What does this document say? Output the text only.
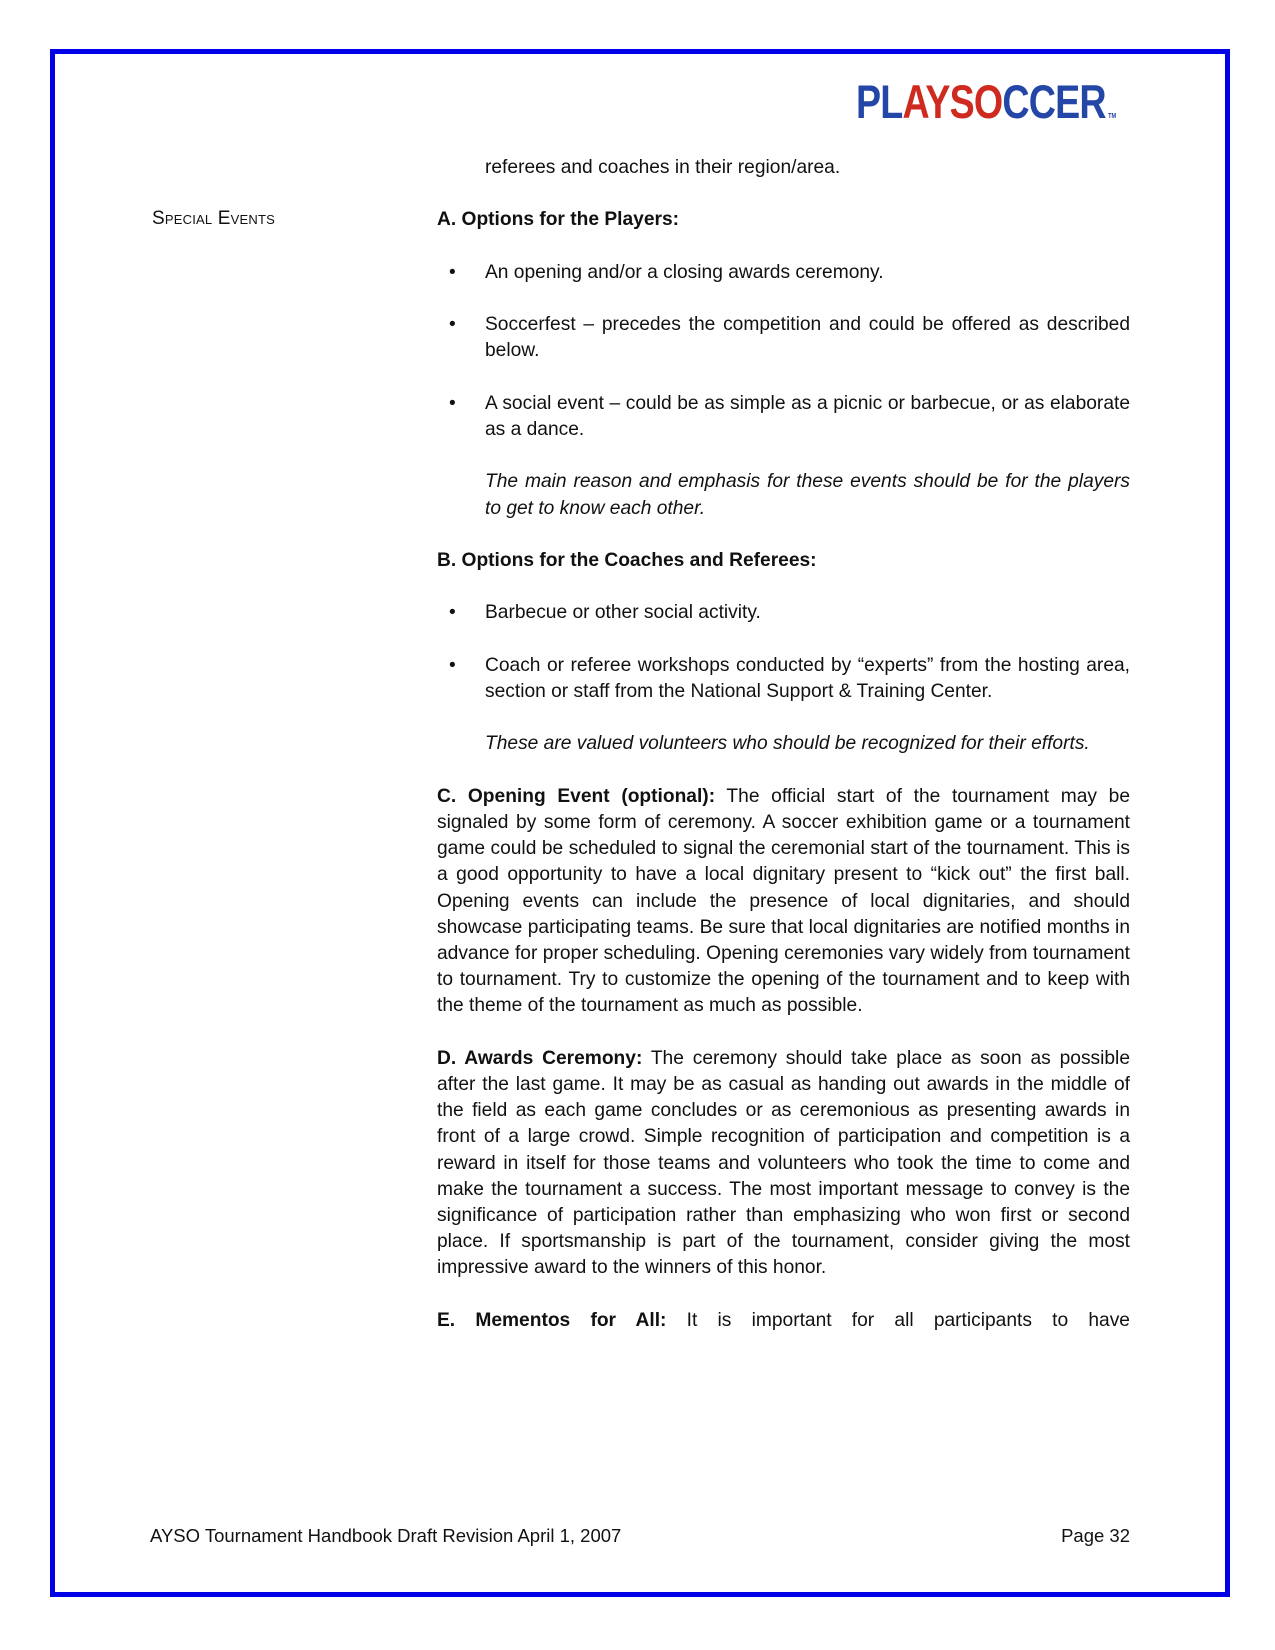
PLAYSOCCER TM
Special Events

referees and coaches in their region/area.

A. Options for the Players:

• An opening and/or a closing awards ceremony.
• Soccerfest – precedes the competition and could be offered as described below.
• A social event – could be as simple as a picnic or barbecue, or as elaborate as a dance.

The main reason and emphasis for these events should be for the players to get to know each other.

B. Options for the Coaches and Referees:

• Barbecue or other social activity.
• Coach or referee workshops conducted by “experts” from the hosting area, section or staff from the National Support & Training Center.

These are valued volunteers who should be recognized for their efforts.

C. Opening Event (optional): The official start of the tournament may be signaled by some form of ceremony. A soccer exhibition game or a tournament game could be scheduled to signal the ceremonial start of the tournament. This is a good opportunity to have a local dignitary present to “kick out” the first ball. Opening events can include the presence of local dignitaries, and should showcase participating teams. Be sure that local dignitaries are notified months in advance for proper scheduling. Opening ceremonies vary widely from tournament to tournament. Try to customize the opening of the tournament and to keep with the theme of the tournament as much as possible.

D. Awards Ceremony: The ceremony should take place as soon as possible after the last game. It may be as casual as handing out awards in the middle of the field as each game concludes or as ceremonious as presenting awards in front of a large crowd. Simple recognition of participation and competition is a reward in itself for those teams and volunteers who took the time to come and make the tournament a success. The most important message to convey is the significance of participation rather than emphasizing who won first or second place. If sportsmanship is part of the tournament, consider giving the most impressive award to the winners of this honor.

E. Mementos for All: It is important for all participants to have

AYSO Tournament Handbook Draft Revision April 1, 2007	Page 32
